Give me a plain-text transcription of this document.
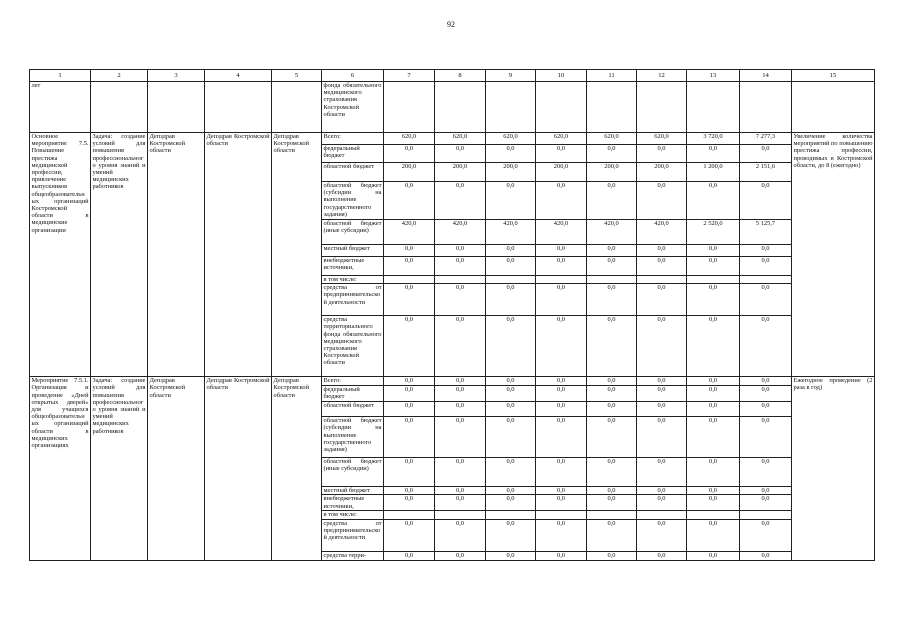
92
1	2	3	4	5	6	7	8	9	10	11	12	13	14	15
лет					фонда обязательного медицинского страхования Костромской области									
Основное мероприятие 7.5. Повышение престижа медицинской профессии, привлечение выпускников общеобразовательных организаций Костромской области в медицинские организации	Задача: создание условий для повышения профессионального уровня знаний и умений медицинских работников	Депздрав Костромской области	Депздрав Костромской области	Депздрав Костромской области	Всего:	620,0	620,0	620,0	620,0	620,0	620,0	3 720,0	7 277,3	Увеличение количества мероприятий по повышению престижа профессии, проводимых в Костромской области, до 8 (ежегодно)
					федеральный бюджет	0,0	0,0	0,0	0,0	0,0	0,0	0,0	0,0	
					областной бюджет	200,0	200,0	200,0	200,0	200,0	200,0	1 200,0	2 151,6	
					областной бюджет (субсидии на выполнение государственного задания)	0,0	0,0	0,0	0,0	0,0	0,0	0,0	0,0	
					областной бюджет (иные субсидии)	420,0	420,0	420,0	420,0	420,0	420,0	2 520,0	5 125,7	
					местный бюджет	0,0	0,0	0,0	0,0	0,0	0,0	0,0	0,0	
					внебюджетные источники,	0,0	0,0	0,0	0,0	0,0	0,0	0,0	0,0	
					в том числе:									
					средства от предпринимательской деятельности	0,0	0,0	0,0	0,0	0,0	0,0	0,0	0,0	
					средства территориального фонда обязательного медицинского страхования Костромской области	0,0	0,0	0,0	0,0	0,0	0,0	0,0	0,0	
Мероприятие 7.5.1. Организация и проведение «Дней открытых дверей» для учащихся общеобразовательных организаций области в медицинских организациях	Задача: создание условий для повышения профессионального уровня знаний и умений медицинских работников	Депздрав Костромской области	Депздрав Костромской области	Депздрав Костромской области	Всего:	0,0	0,0	0,0	0,0	0,0	0,0	0,0	0,0	Ежегодное проведение (2 раза в год)
					федеральный бюджет	0,0	0,0	0,0	0,0	0,0	0,0	0,0	0,0	
					областной бюджет	0,0	0,0	0,0	0,0	0,0	0,0	0,0	0,0	
					областной бюджет (субсидии на выполнение государственного задания)	0,0	0,0	0,0	0,0	0,0	0,0	0,0	0,0	
					областной бюджет (иные субсидии)	0,0	0,0	0,0	0,0	0,0	0,0	0,0	0,0	
					местный бюджет	0,0	0,0	0,0	0,0	0,0	0,0	0,0	0,0	
					внебюджетные источники,	0,0	0,0	0,0	0,0	0,0	0,0	0,0	0,0	
					в том числе:									
					средства от предпринимательской деятельности	0,0	0,0	0,0	0,0	0,0	0,0	0,0	0,0	
					средства терри-	0,0	0,0	0,0	0,0	0,0	0,0	0,0	0,0	
